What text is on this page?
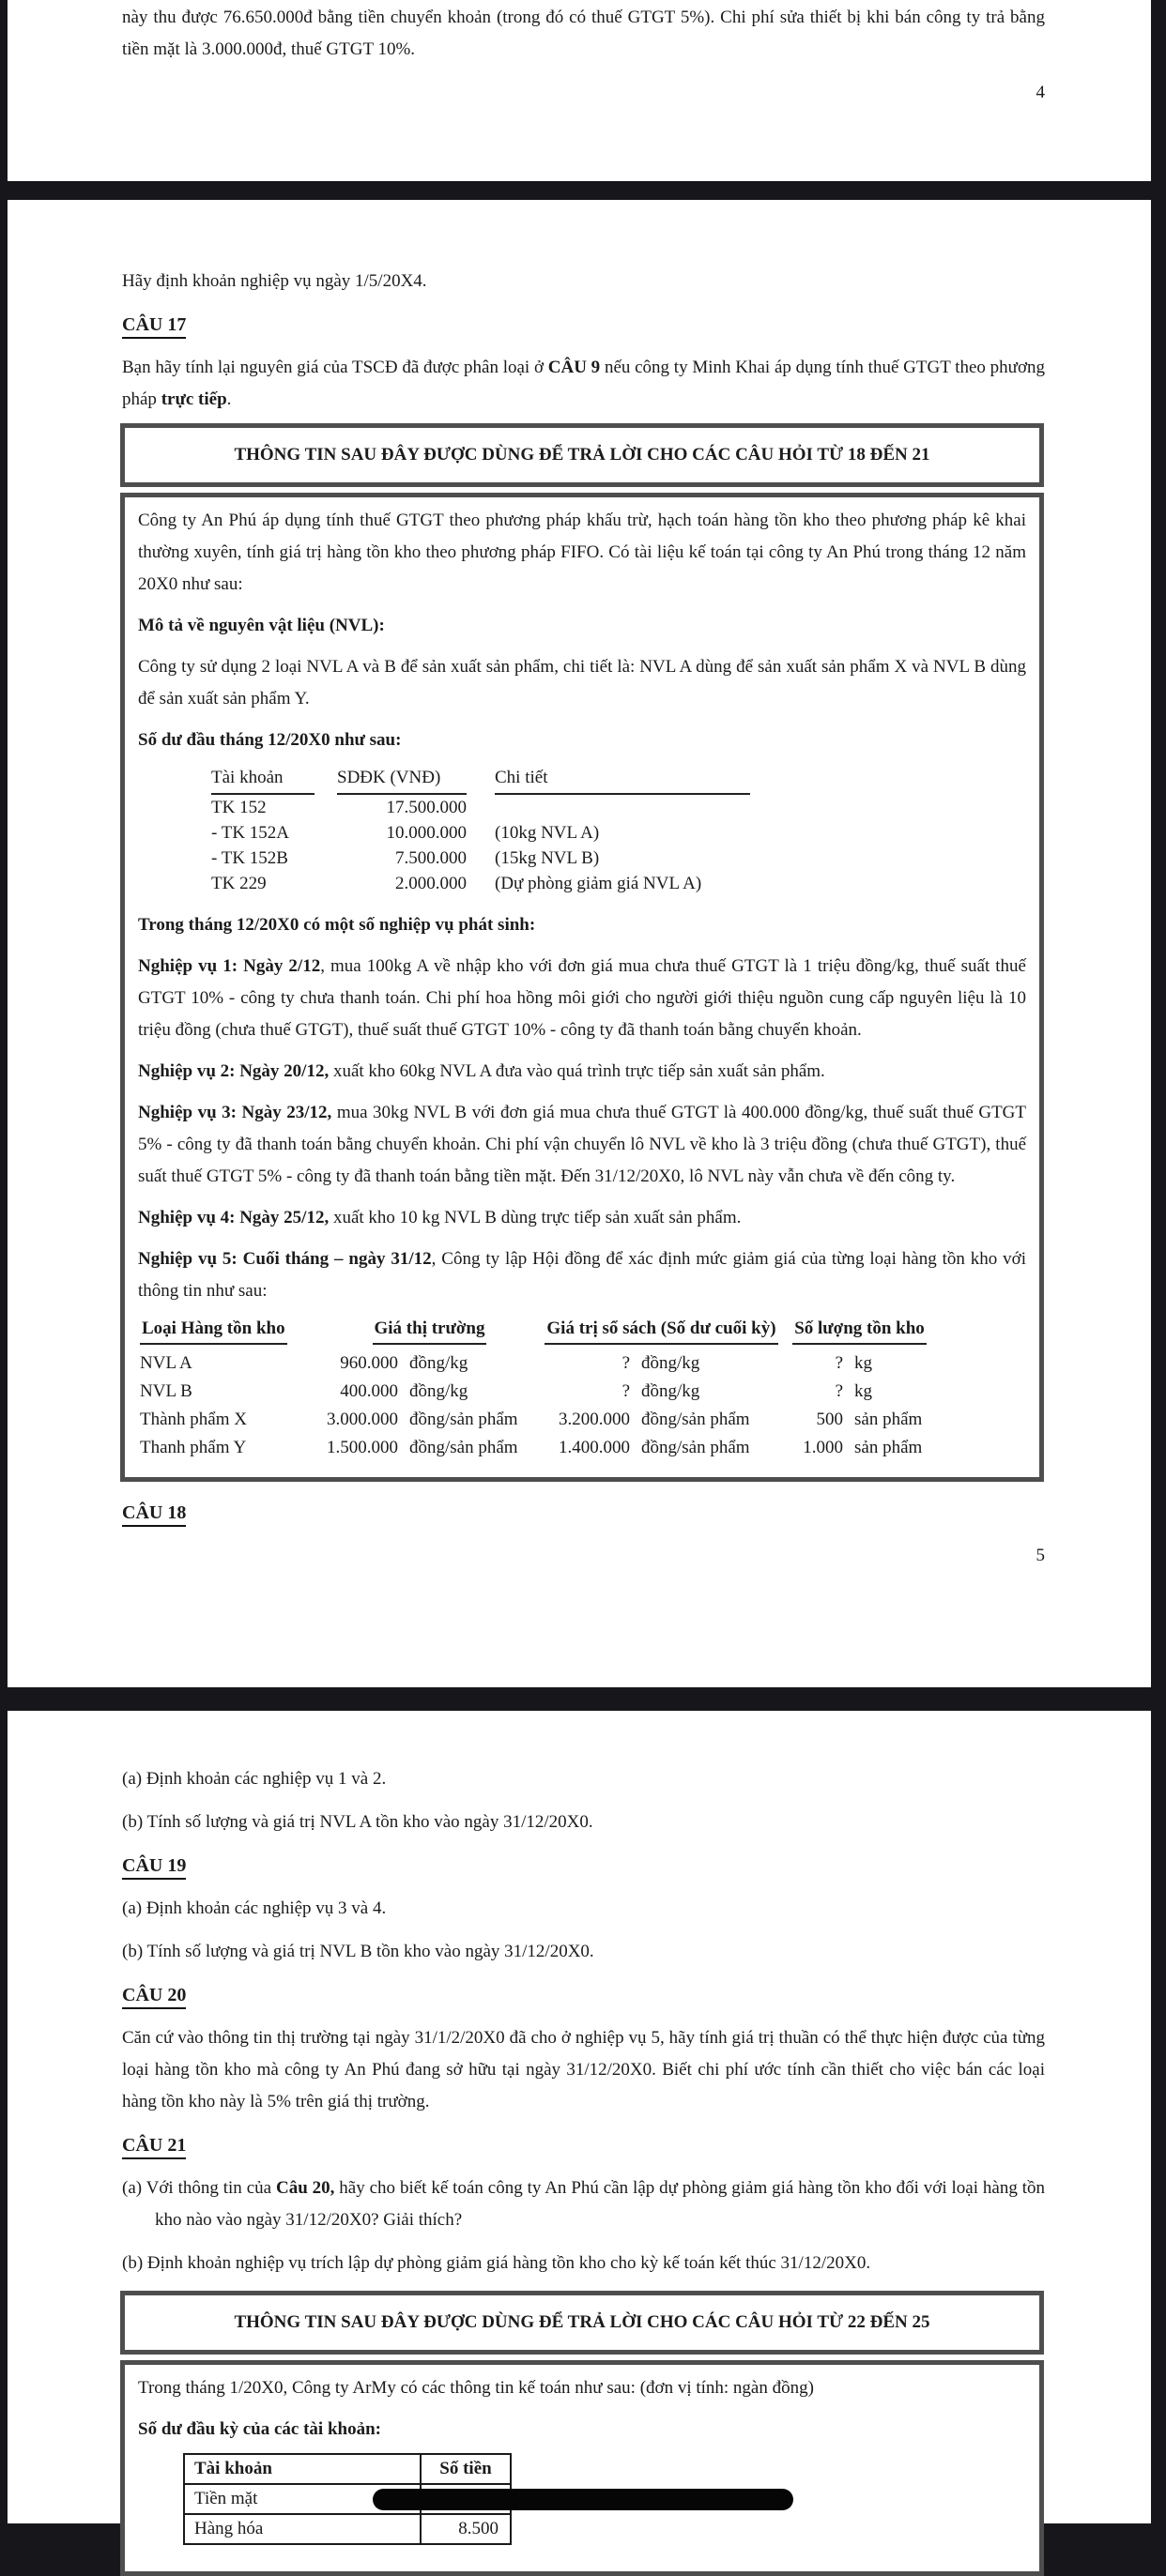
này thu được 76.650.000đ bằng tiền chuyển khoản (trong đó có thuế GTGT 5%). Chi phí sửa thiết bị khi bán công ty trả bằng tiền mặt là 3.000.000đ, thuế GTGT 10%.

4

Hãy định khoản nghiệp vụ ngày 1/5/20X4.

CÂU 17

Bạn hãy tính lại nguyên giá của TSCĐ đã được phân loại ở CÂU 9 nếu công ty Minh Khai áp dụng tính thuế GTGT theo phương pháp trực tiếp.

THÔNG TIN SAU ĐÂY ĐƯỢC DÙNG ĐỂ TRẢ LỜI CHO CÁC CÂU HỎI TỪ 18 ĐẾN 21

Công ty An Phú áp dụng tính thuế GTGT theo phương pháp khấu trừ, hạch toán hàng tồn kho theo phương pháp kê khai thường xuyên, tính giá trị hàng tồn kho theo phương pháp FIFO. Có tài liệu kế toán tại công ty An Phú trong tháng 12 năm 20X0 như sau:

Mô tả về nguyên vật liệu (NVL):

Công ty sử dụng 2 loại NVL A và B để sản xuất sản phẩm, chi tiết là: NVL A dùng để sản xuất sản phẩm X và NVL B dùng để sản xuất sản phẩm Y.

Số dư đầu tháng 12/20X0 như sau:

Tài khoản		SDĐK (VNĐ)		Chi tiết
TK 152		17.500.000		
- TK 152A		10.000.000		(10kg NVL A)
- TK 152B		7.500.000		(15kg NVL B)
TK 229		2.000.000		(Dự phòng giảm giá NVL A)

Trong tháng 12/20X0 có một số nghiệp vụ phát sinh:

Nghiệp vụ 1: Ngày 2/12, mua 100kg A về nhập kho với đơn giá mua chưa thuế GTGT là 1 triệu đồng/kg, thuế suất thuế GTGT 10% - công ty chưa thanh toán. Chi phí hoa hồng môi giới cho người giới thiệu nguồn cung cấp nguyên liệu là 10 triệu đồng (chưa thuế GTGT), thuế suất thuế GTGT 10% - công ty đã thanh toán bằng chuyển khoản.

Nghiệp vụ 2: Ngày 20/12, xuất kho 60kg NVL A đưa vào quá trình trực tiếp sản xuất sản phẩm.

Nghiệp vụ 3: Ngày 23/12, mua 30kg NVL B với đơn giá mua chưa thuế GTGT là 400.000 đồng/kg, thuế suất thuế GTGT 5% - công ty đã thanh toán bằng chuyển khoản. Chi phí vận chuyển lô NVL về kho là 3 triệu đồng (chưa thuế GTGT), thuế suất thuế GTGT 5% - công ty đã thanh toán bằng tiền mặt. Đến 31/12/20X0, lô NVL này vẫn chưa về đến công ty.

Nghiệp vụ 4: Ngày 25/12, xuất kho 10 kg NVL B dùng trực tiếp sản xuất sản phẩm.

Nghiệp vụ 5: Cuối tháng – ngày 31/12, Công ty lập Hội đồng để xác định mức giảm giá của từng loại hàng tồn kho với thông tin như sau:

Loại Hàng tồn kho	Giá thị trường		Giá trị sổ sách (Số dư cuối kỳ)		Số lượng tồn kho	
NVL A	960.000	đồng/kg	?	đồng/kg	?	kg
NVL B	400.000	đồng/kg	?	đồng/kg	?	kg
Thành phẩm X	3.000.000	đồng/sản phẩm	3.200.000	đồng/sản phẩm	500	sản phẩm
Thanh phẩm Y	1.500.000	đồng/sản phẩm	1.400.000	đồng/sản phẩm	1.000	sản phẩm
CÂU 18
5

(a) Định khoản các nghiệp vụ 1 và 2.

(b) Tính số lượng và giá trị NVL A tồn kho vào ngày 31/12/20X0.

CÂU 19

(a) Định khoản các nghiệp vụ 3 và 4.

(b) Tính số lượng và giá trị NVL B tồn kho vào ngày 31/12/20X0.

CÂU 20

Căn cứ vào thông tin thị trường tại ngày 31/1/2/20X0 đã cho ở nghiệp vụ 5, hãy tính giá trị thuần có thể thực hiện được của từng loại hàng tồn kho mà công ty An Phú đang sở hữu tại ngày 31/12/20X0. Biết chi phí ước tính cần thiết cho việc bán các loại hàng tồn kho này là 5% trên giá thị trường.

CÂU 21

(a) Với thông tin của Câu 20, hãy cho biết kế toán công ty An Phú cần lập dự phòng giảm giá hàng tồn kho đối với loại hàng tồn kho nào vào ngày 31/12/20X0? Giải thích?

(b) Định khoản nghiệp vụ trích lập dự phòng giảm giá hàng tồn kho cho kỳ kế toán kết thúc 31/12/20X0.

THÔNG TIN SAU ĐÂY ĐƯỢC DÙNG ĐỂ TRẢ LỜI CHO CÁC CÂU HỎI TỪ 22 ĐẾN 25

Trong tháng 1/20X0, Công ty ArMy có các thông tin kế toán như sau: (đơn vị tính: ngàn đồng)

Số dư đầu kỳ của các tài khoản:

Tài khoản	Số tiền
Tiền mặt	
Hàng hóa	8.500
